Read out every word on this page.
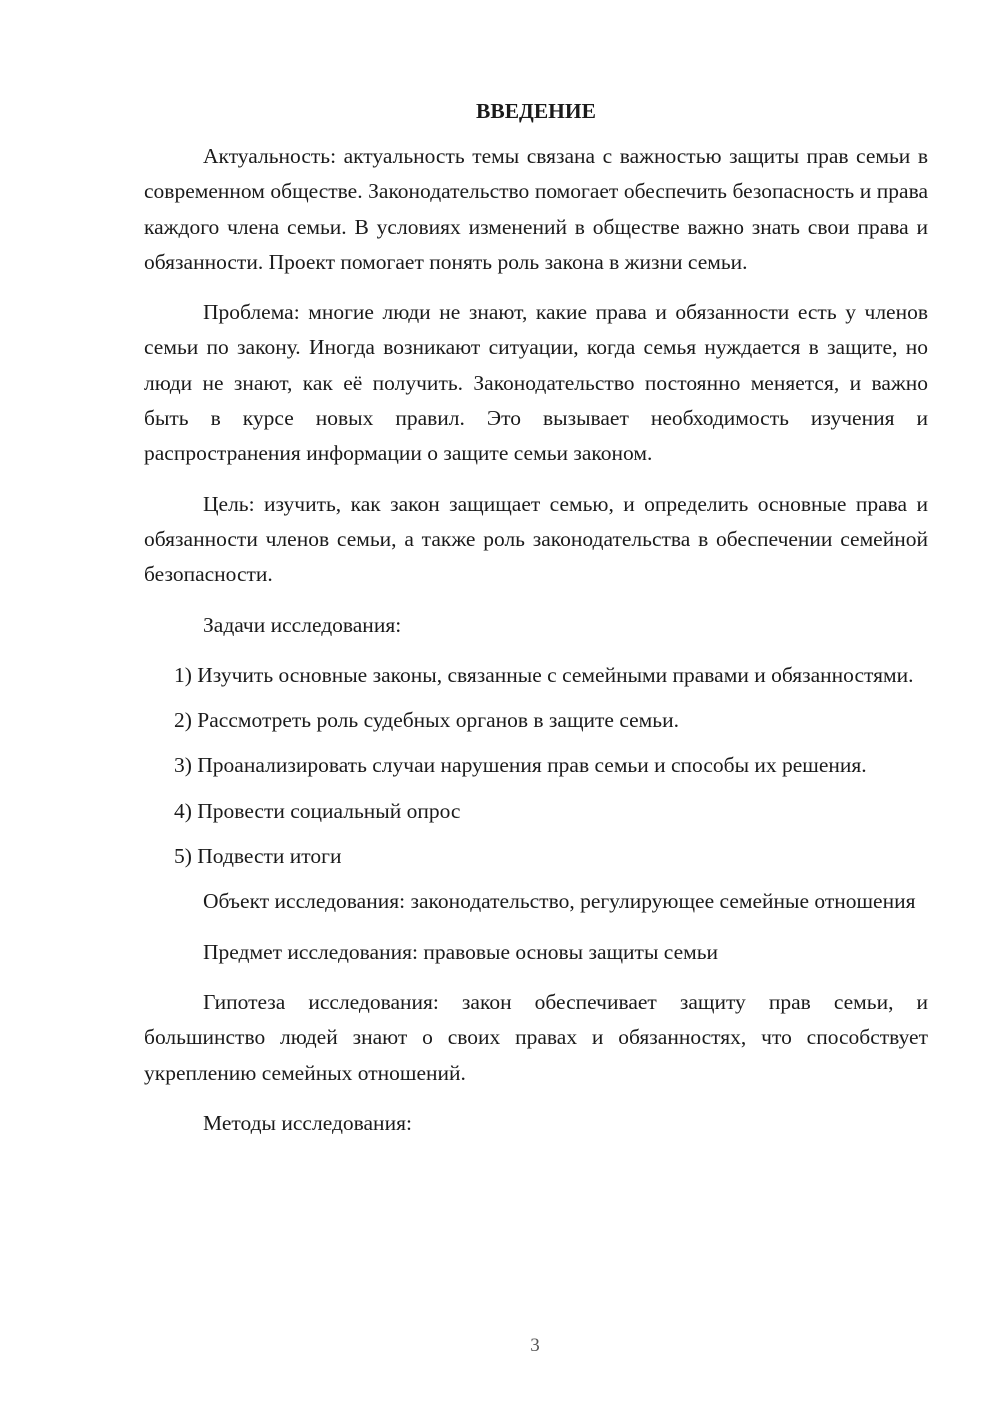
ВВЕДЕНИЕ
Актуальность: актуальность темы связана с важностью защиты прав семьи в современном обществе. Законодательство помогает обеспечить безопасность и права каждого члена семьи. В условиях изменений в обществе важно знать свои права и обязанности. Проект помогает понять роль закона в жизни семьи.
Проблема: многие люди не знают, какие права и обязанности есть у членов семьи по закону. Иногда возникают ситуации, когда семья нуждается в защите, но люди не знают, как её получить. Законодательство постоянно меняется, и важно быть в курсе новых правил. Это вызывает необходимость изучения и распространения информации о защите семьи законом.
Цель: изучить, как закон защищает семью, и определить основные права и обязанности членов семьи, а также роль законодательства в обеспечении семейной безопасности.
Задачи исследования:
1) Изучить основные законы, связанные с семейными правами и обязанностями.
2) Рассмотреть роль судебных органов в защите семьи.
3) Проанализировать случаи нарушения прав семьи и способы их решения.
4) Провести социальный опрос
5) Подвести итоги
Объект исследования: законодательство, регулирующее семейные отношения
Предмет исследования: правовые основы защиты семьи
Гипотеза исследования: закон обеспечивает защиту прав семьи, и большинство людей знают о своих правах и обязанностях, что способствует укреплению семейных отношений.
Методы исследования:
3
